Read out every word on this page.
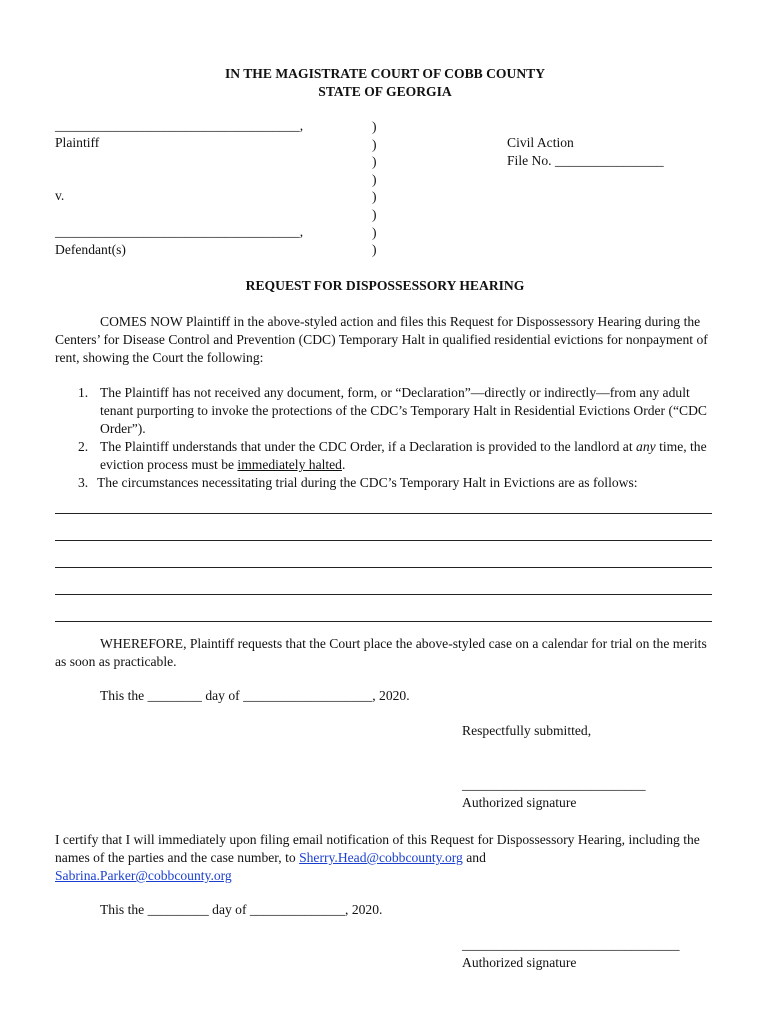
IN THE MAGISTRATE COURT OF COBB COUNTY
STATE OF GEORGIA
____________________________________,
Plaintiff
v.
____________________________________,
Defendant(s)
)
)
)
)
)
)
)
)
Civil Action
File No. ________________
REQUEST FOR DISPOSSESSORY HEARING
COMES NOW Plaintiff in the above-styled action and files this Request for Dispossessory Hearing during the Centers’ for Disease Control and Prevention (CDC) Temporary Halt in qualified residential evictions for nonpayment of rent, showing the Court the following:
1. The Plaintiff has not received any document, form, or “Declaration”—directly or indirectly—from any adult tenant purporting to invoke the protections of the CDC’s Temporary Halt in Residential Evictions Order (“CDC Order”).
2. The Plaintiff understands that under the CDC Order, if a Declaration is provided to the landlord at any time, the eviction process must be immediately halted.
3. The circumstances necessitating trial during the CDC’s Temporary Halt in Evictions are as follows:
WHEREFORE, Plaintiff requests that the Court place the above-styled case on a calendar for trial on the merits as soon as practicable.
This the ________ day of ___________________, 2020.
Respectfully submitted,
___________________________
Authorized signature
I certify that I will immediately upon filing email notification of this Request for Dispossessory Hearing, including the names of the parties and the case number, to Sherry.Head@cobbcounty.org and
Sabrina.Parker@cobbcounty.org
This the _________ day of ______________, 2020.
________________________________
Authorized signature
